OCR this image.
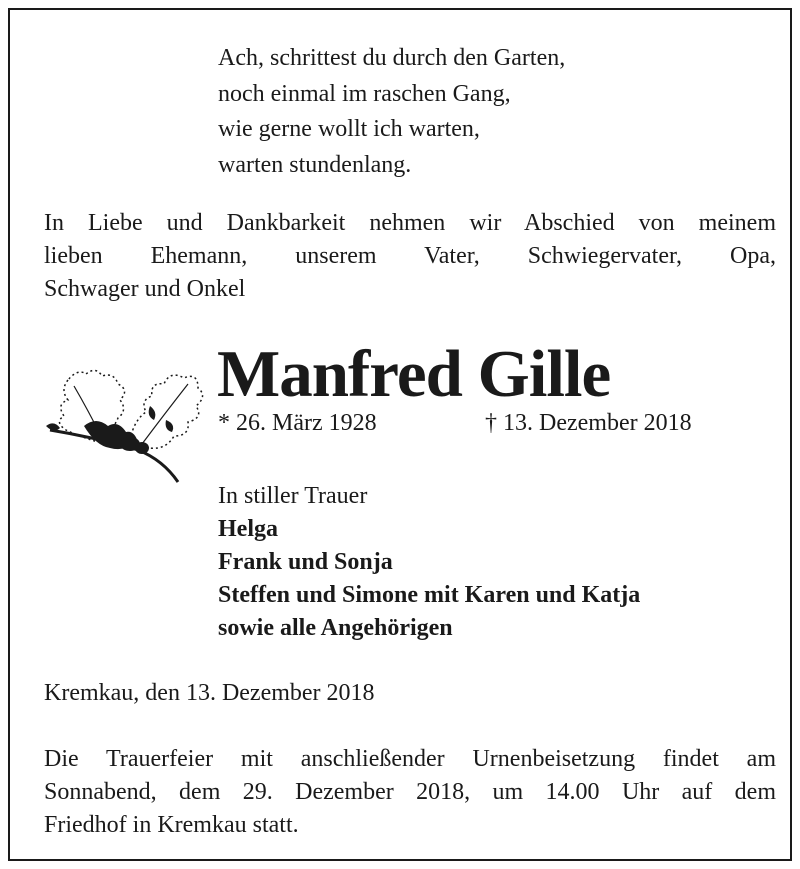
Ach, schrittest du durch den Garten,
noch einmal im raschen Gang,
wie gerne wollt ich warten,
warten stundenlang.
In Liebe und Dankbarkeit nehmen wir Abschied von meinem
lieben Ehemann, unserem Vater, Schwiegervater, Opa,
Schwager und Onkel
Manfred Gille
* 26. März 1928	† 13. Dezember 2018
In stiller Trauer
Helga
Frank und Sonja
Steffen und Simone mit Karen und Katja
sowie alle Angehörigen
Kremkau, den 13. Dezember 2018
Die Trauerfeier mit anschließender Urnenbeisetzung findet am
Sonnabend, dem 29. Dezember 2018, um 14.00 Uhr auf dem
Friedhof in Kremkau statt.
